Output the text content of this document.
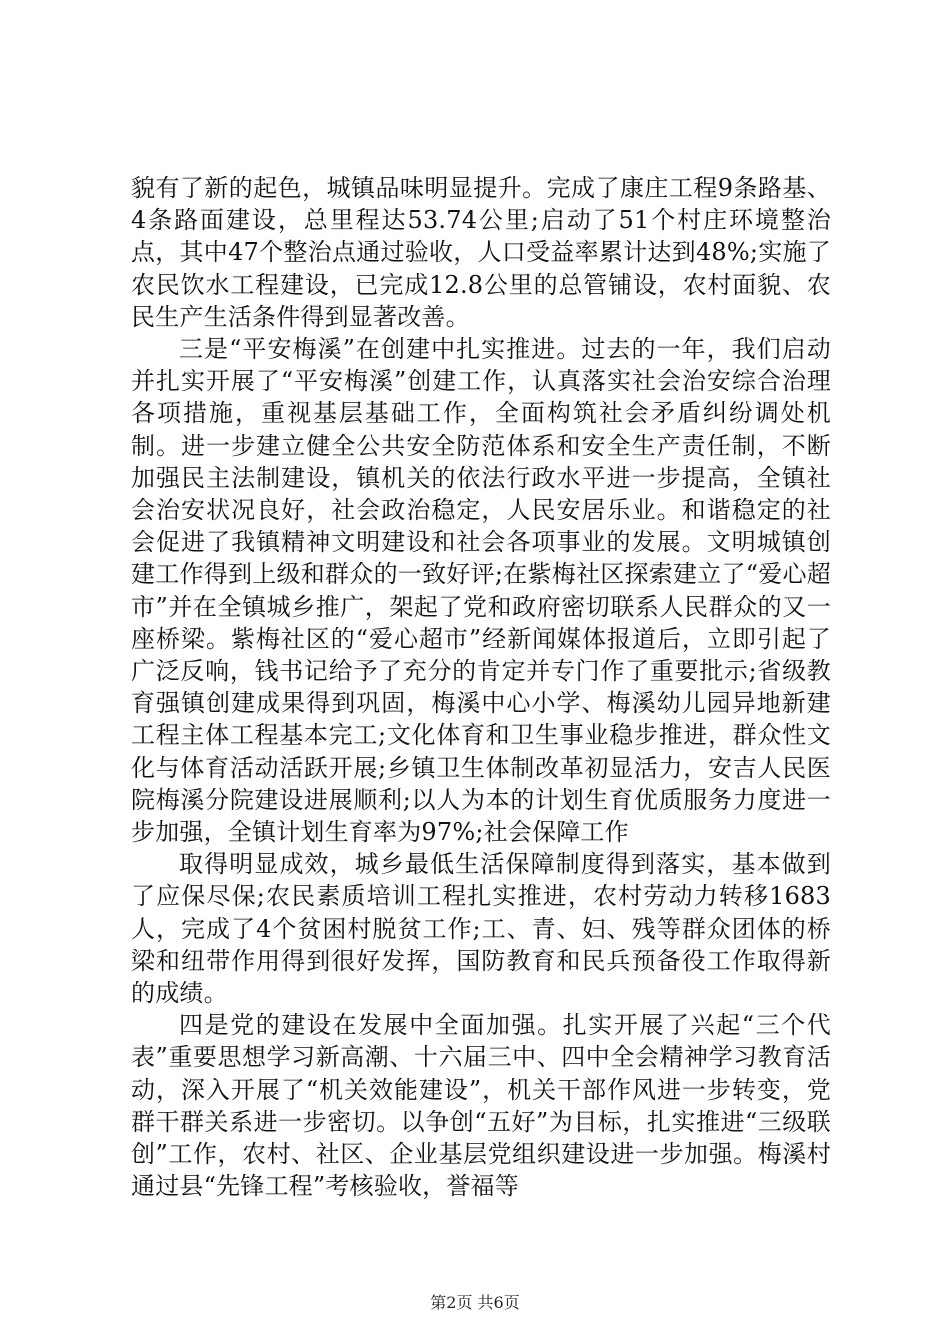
貌有了新的起色，城镇品味明显提升。完成了康庄工程9条路基、4条路面建设，总里程达53.74公里;启动了51个村庄环境整治点，其中47个整治点通过验收，人口受益率累计达到48%;实施了农民饮水工程建设，已完成12.8公里的总管铺设，农村面貌、农民生产生活条件得到显著改善。

三是“平安梅溪”在创建中扎实推进。过去的一年，我们启动并扎实开展了“平安梅溪”创建工作，认真落实社会治安综合治理各项措施，重视基层基础工作，全面构筑社会矛盾纠纷调处机制。进一步建立健全公共安全防范体系和安全生产责任制，不断加强民主法制建设，镇机关的依法行政水平进一步提高，全镇社会治安状况良好，社会政治稳定，人民安居乐业。和谐稳定的社会促进了我镇精神文明建设和社会各项事业的发展。文明城镇创建工作得到上级和群众的一致好评;在紫梅社区探索建立了“爱心超市”并在全镇城乡推广，架起了党和政府密切联系人民群众的又一座桥梁。紫梅社区的“爱心超市”经新闻媒体报道后，立即引起了广泛反响，钱书记给予了充分的肯定并专门作了重要批示;省级教育强镇创建成果得到巩固，梅溪中心小学、梅溪幼儿园异地新建工程主体工程基本完工;文化体育和卫生事业稳步推进，群众性文化与体育活动活跃开展;乡镇卫生体制改革初显活力，安吉人民医院梅溪分院建设进展顺利;以人为本的计划生育优质服务力度进一步加强，全镇计划生育率为97%;社会保障工作

取得明显成效，城乡最低生活保障制度得到落实，基本做到了应保尽保;农民素质培训工程扎实推进，农村劳动力转移1683人，完成了4个贫困村脱贫工作;工、青、妇、残等群众团体的桥梁和纽带作用得到很好发挥，国防教育和民兵预备役工作取得新的成绩。

四是党的建设在发展中全面加强。扎实开展了兴起“三个代表”重要思想学习新高潮、十六届三中、四中全会精神学习教育活动，深入开展了“机关效能建设”，机关干部作风进一步转变，党群干群关系进一步密切。以争创“五好”为目标，扎实推进“三级联创”工作，农村、社区、企业基层党组织建设进一步加强。梅溪村通过县“先锋工程”考核验收，誉福等

第2页 共6页
